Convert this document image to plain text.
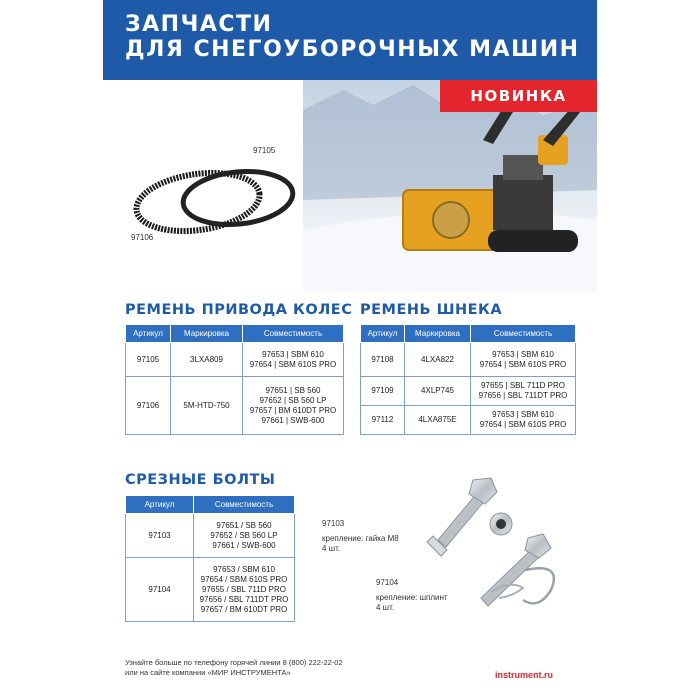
ЗАПЧАСТИ
ДЛЯ СНЕГОУБОРОЧНЫХ МАШИН
НОВИНКА
97105
97106
РЕМЕНЬ ПРИВОДА КОЛЕС
Артикул	Маркировка	Совместимость
97105	3LXA809	97653 | SBM 610
97654 | SBM 610S PRO

97106	5M-HTD-750	97651 | SB 560
97652 | SB 560 LP
97657 | BM 610DT PRO
97661 | SWB-600
РЕМЕНЬ ШНЕКА
Артикул	Маркировка	Совместимость
97108	4LXA822	97653 | SBM 610
97654 | SBM 610S PRO

97109	4XLP745	97655 | SBL 711D PRO
97656 | SBL 711DT PRO

97112	4LXA875E	97653 | SBM 610
97654 | SBM 610S PRO
СРЕЗНЫЕ БОЛТЫ
Артикул	Совместимость
97103	97651 / SB 560
97652 / SB 560 LP
97661 / SWB-600

97104	97653 / SBM 610
97654 / SBM 610S PRO
97655 / SBL 711D PRO
97656 / SBL 711DT PRO
97657 / BM 610DT PRO
97103
крепление: гайка М8
4 шт.
97104
крепление: шплинт
4 шт.
Узнайте больше по телефону горячей линии 8 (800) 222-22-02
или на сайте компании «МИР ИНСТРУМЕНТА»	instrument.ru
